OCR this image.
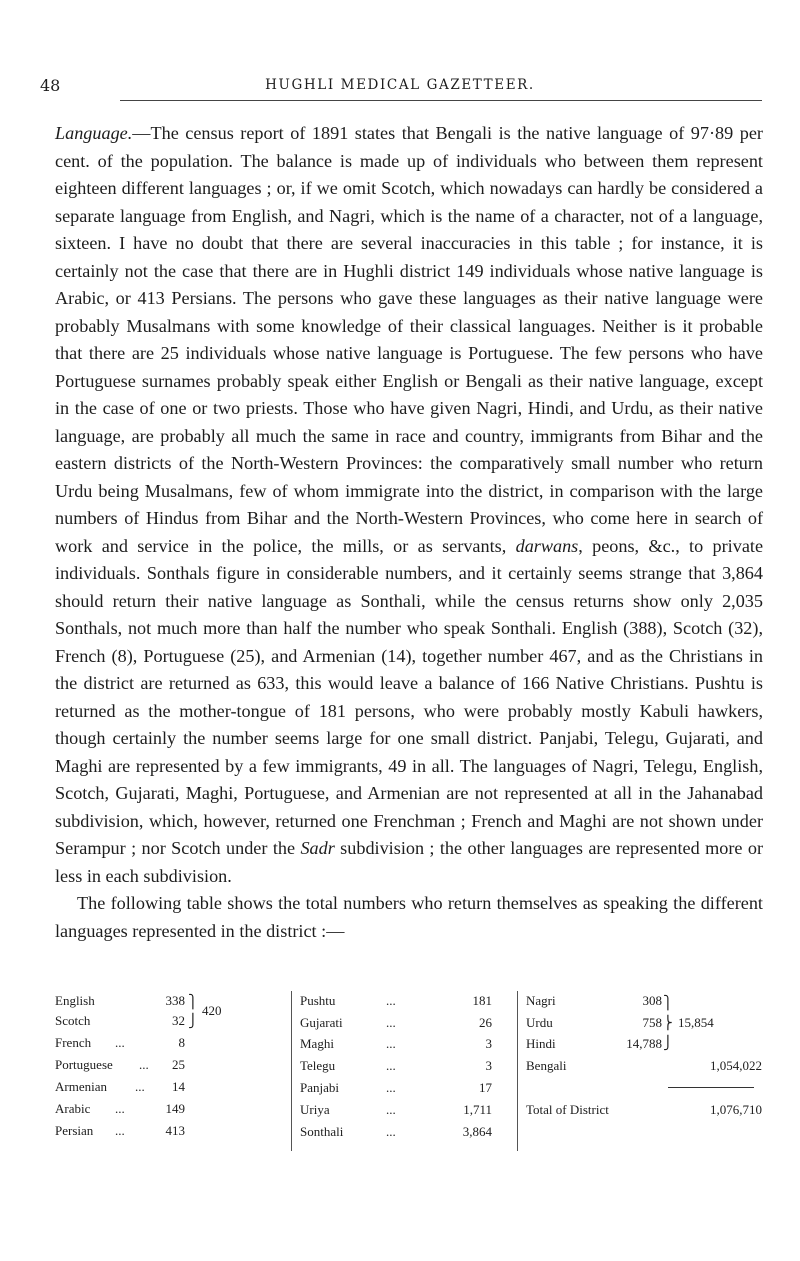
48	HUGHLI MEDICAL GAZETTEER.

Language.—The census report of 1891 states that Bengali is the native language of 97·89 per cent. of the population. The balance is made up of individuals who between them represent eighteen different languages ; or, if we omit Scotch, which nowadays can hardly be considered a separate language from English, and Nagri, which is the name of a character, not of a language, sixteen. I have no doubt that there are several inaccuracies in this table ; for instance, it is certainly not the case that there are in Hughli district 149 individuals whose native language is Arabic, or 413 Persians. The persons who gave these languages as their native language were probably Musalmans with some knowledge of their classical languages. Neither is it probable that there are 25 individuals whose native language is Portuguese. The few persons who have Portuguese surnames probably speak either English or Bengali as their native language, except in the case of one or two priests. Those who have given Nagri, Hindi, and Urdu, as their native language, are probably all much the same in race and country, immigrants from Bihar and the eastern districts of the North-Western Provinces: the comparatively small number who return Urdu being Musalmans, few of whom immigrate into the district, in comparison with the large numbers of Hindus from Bihar and the North-Western Provinces, who come here in search of work and service in the police, the mills, or as servants, darwans, peons, &c., to private individuals. Sonthals figure in considerable numbers, and it certainly seems strange that 3,864 should return their native language as Sonthali, while the census returns show only 2,035 Sonthals, not much more than half the number who speak Sonthali. English (388), Scotch (32), French (8), Portuguese (25), and Armenian (14), together number 467, and as the Christians in the district are returned as 633, this would leave a balance of 166 Native Christians. Pushtu is returned as the mother-tongue of 181 persons, who were probably mostly Kabuli hawkers, though certainly the number seems large for one small district. Panjabi, Telegu, Gujarati, and Maghi are represented by a few immigrants, 49 in all. The languages of Nagri, Telegu, English, Scotch, Gujarati, Maghi, Portuguese, and Armenian are not represented at all in the Jahanabad subdivision, which, however, returned one Frenchman ; French and Maghi are not shown under Serampur ; nor Scotch under the Sadr subdivision ; the other languages are represented more or less in each subdivision.

The following table shows the total numbers who return themselves as speaking the different languages represented in the district :—

English	338
Scotch	32
⎫
⎭
420
French ...	8
Portuguese ...	25
Armenian ...	14
Arabic ...	149
Persian ...	413
Pushtu	...	181
Gujarati	...	26
Maghi	...	3
Telegu	...	3
Panjabi	...	17
Uriya	...	1,711
Sonthali	...	3,864
Nagri	308
Urdu	758
Hindi	14,788
⎫
⎬
⎭
15,854
Bengali	1,054,022
Total of District	1,076,710
